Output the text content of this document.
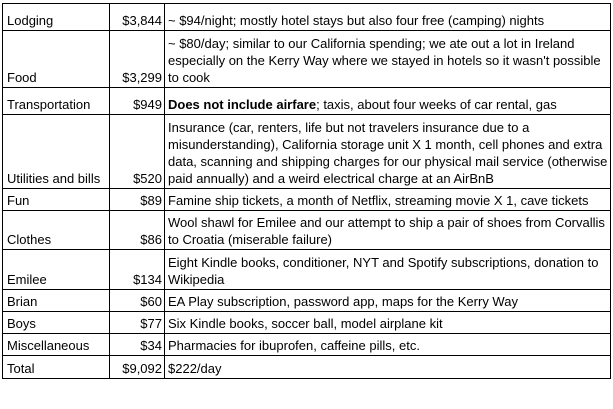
Lodging	$3,844	~ $94/night; mostly hotel stays but also four free (camping) nights
Food	$3,299	~ $80/day; similar to our California spending; we ate out a lot in Ireland especially on the Kerry Way where we stayed in hotels so it wasn't possible to cook
Transportation	$949	Does not include airfare; taxis, about four weeks of car rental, gas
Utilities and bills	$520	Insurance (car, renters, life but not travelers insurance due to a misunderstanding), California storage unit X 1 month, cell phones and extra data, scanning and shipping charges for our physical mail service (otherwise paid annually) and a weird electrical charge at an AirBnB
Fun	$89	Famine ship tickets, a month of Netflix, streaming movie X 1, cave tickets
Clothes	$86	Wool shawl for Emilee and our attempt to ship a pair of shoes from Corvallis to Croatia (miserable failure)
Emilee	$134	Eight Kindle books, conditioner, NYT and Spotify subscriptions, donation to Wikipedia
Brian	$60	EA Play subscription, password app, maps for the Kerry Way
Boys	$77	Six Kindle books, soccer ball, model airplane kit
Miscellaneous	$34	Pharmacies for ibuprofen, caffeine pills, etc.
Total	$9,092	$222/day
